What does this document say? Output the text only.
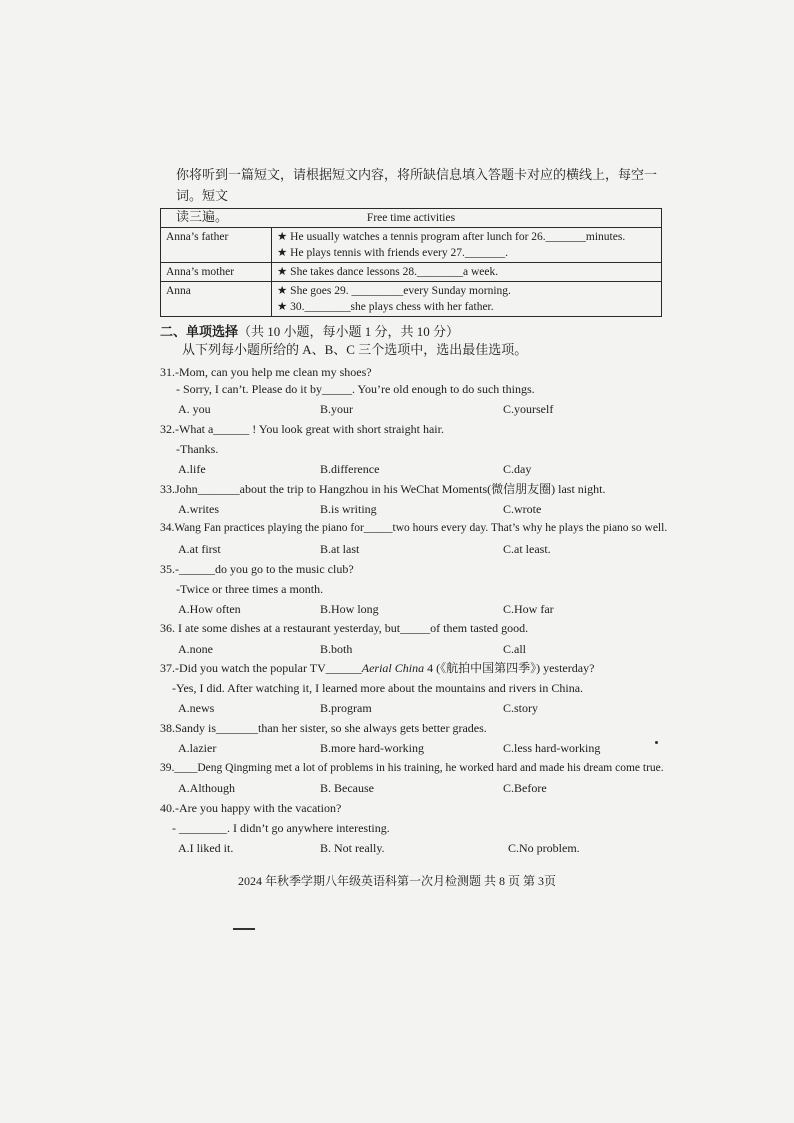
你将听到一篇短文，请根据短文内容，将所缺信息填入答题卡对应的横线上，每空一词。短文

读三遍。	Free time activities	
Anna’s father	★ He usually watches a tennis program after lunch for 26._______minutes.
★ He plays tennis with friends every 27._______.

Anna’s mother	★ She takes dance lessons 28.________a week.

Anna	★ She goes 29. _________every Sunday morning.
★ 30.________she plays chess with her father.
二、单项选择（共 10 小题，每小题 1 分，共 10 分）
从下列每小题所给的 A、B、C 三个选项中，选出最佳选项。
31.-Mom, can you help me clean my shoes?
- Sorry, I can’t. Please do it by_____. You’re old enough to do such things.
A. you	B.your	C.yourself
32.-What a______ ! You look great with short straight hair.
-Thanks.
A.life	B.difference	C.day
33.John_______about the trip to Hangzhou in his WeChat Moments(微信朋友圈) last night.
A.writes	B.is writing	C.wrote
34.Wang Fan practices playing the piano for_____two hours every day. That’s why he plays the piano so well.
A.at first	B.at last	C.at least.
35.-______do you go to the music club?
-Twice or three times a month.
A.How often	B.How long	C.How far
36. I ate some dishes at a restaurant yesterday, but_____of them tasted good.
A.none	B.both	C.all
37.-Did you watch the popular TV______Aerial China 4 (《航拍中国第四季》) yesterday?
-Yes, I did. After watching it, I learned more about the mountains and rivers in China.
A.news	B.program	C.story
38.Sandy is_______than her sister, so she always gets better grades.
A.lazier	B.more hard-working	C.less hard-working
39.____Deng Qingming met a lot of problems in his training, he worked hard and made his dream come true.
A.Although	B. Because	C.Before
40.-Are you happy with the vacation?
- ________. I didn’t go anywhere interesting.
A.I liked it.	B. Not really.	C.No problem.
2024 年秋季学期八年级英语科第一次月检测题 共 8 页 第 3页
